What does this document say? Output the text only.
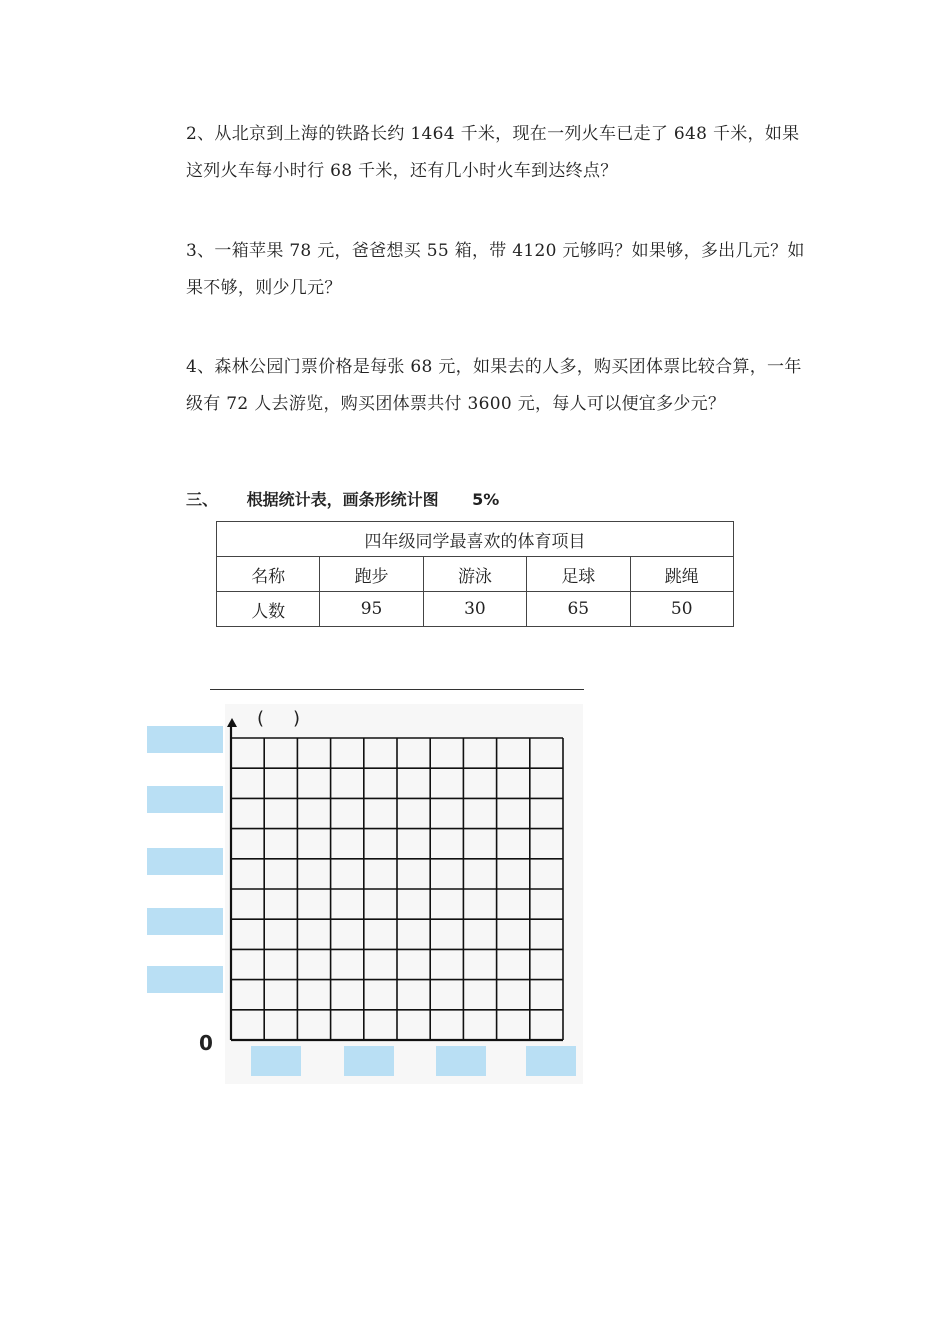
2、从北京到上海的铁路长约 1464 千米，现在一列火车已走了 648 千米，如果这列火车每小时行 68 千米，还有几小时火车到达终点？
3、一箱苹果 78 元，爸爸想买 55 箱，带 4120 元够吗？如果够，多出几元？如果不够，则少几元？
4、森林公园门票价格是每张 68 元，如果去的人多，购买团体票比较合算，一年级有 72 人去游览，购买团体票共付 3600 元，每人可以便宜多少元？
三、 根据统计表，画条形统计图 5%
四年级同学最喜欢的体育项目				
名称	跑步	游泳	足球	跳绳
人数	95	30	65	50
( )
0
